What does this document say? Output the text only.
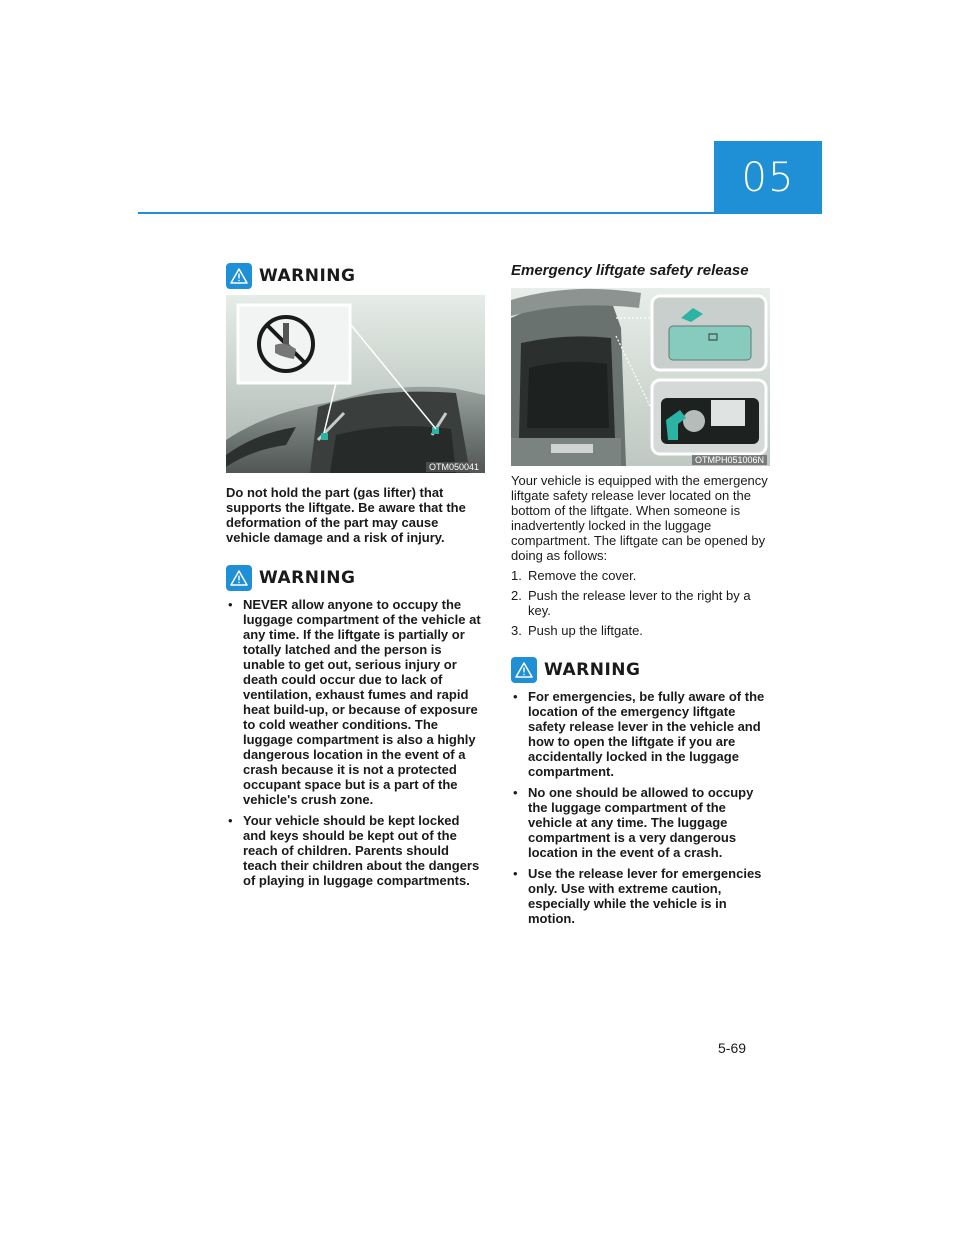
05
WARNING
OTM050041

Do not hold the part (gas lifter) that supports the liftgate. Be aware that the deformation of the part may cause vehicle damage and a risk of injury.

WARNING
• NEVER allow anyone to occupy the luggage compartment of the vehicle at any time. If the liftgate is partially or totally latched and the person is unable to get out, serious injury or death could occur due to lack of ventilation, exhaust fumes and rapid heat build-up, or because of exposure to cold weather conditions. The luggage compartment is also a highly dangerous location in the event of a crash because it is not a protected occupant space but is a part of the vehicle's crush zone.
• Your vehicle should be kept locked and keys should be kept out of the reach of children. Parents should teach their children about the dangers of playing in luggage compartments.
Emergency liftgate safety release
OTMPH051006N

Your vehicle is equipped with the emergency liftgate safety release lever located on the bottom of the liftgate. When someone is inadvertently locked in the luggage compartment. The liftgate can be opened by doing as follows:

1. Remove the cover.
2. Push the release lever to the right by a key.
3. Push up the liftgate.
WARNING
• For emergencies, be fully aware of the location of the emergency liftgate safety release lever in the vehicle and how to open the liftgate if you are accidentally locked in the luggage compartment.
• No one should be allowed to occupy the luggage compartment of the vehicle at any time. The luggage compartment is a very dangerous location in the event of a crash.
• Use the release lever for emergencies only. Use with extreme caution, especially while the vehicle is in motion.
5-69
